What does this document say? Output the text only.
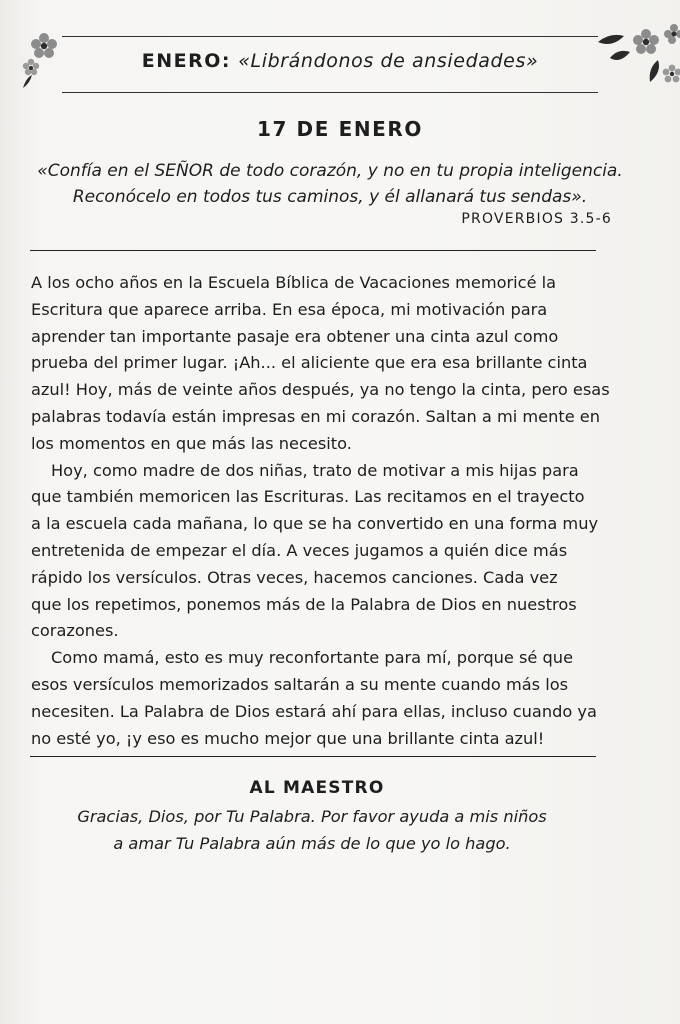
ENERO: «Librándonos de ansiedades»
17 DE ENERO
«Confía en el SEÑOR de todo corazón, y no en tu propia inteligencia.
Reconócelo en todos tus caminos, y él allanará tus sendas».
PROVERBIOS 3.5-6

A los ocho años en la Escuela Bíblica de Vacaciones memoricé la
Escritura que aparece arriba. En esa época, mi motivación para
aprender tan importante pasaje era obtener una cinta azul como
prueba del primer lugar. ¡Ah... el aliciente que era esa brillante cinta
azul! Hoy, más de veinte años después, ya no tengo la cinta, pero esas
palabras todavía están impresas en mi corazón. Saltan a mi mente en
los momentos en que más las necesito.

Hoy, como madre de dos niñas, trato de motivar a mis hijas para
que también memoricen las Escrituras. Las recitamos en el trayecto
a la escuela cada mañana, lo que se ha convertido en una forma muy
entretenida de empezar el día. A veces jugamos a quién dice más
rápido los versículos. Otras veces, hacemos canciones. Cada vez
que los repetimos, ponemos más de la Palabra de Dios en nuestros
corazones.

Como mamá, esto es muy reconfortante para mí, porque sé que
esos versículos memorizados saltarán a su mente cuando más los
necesiten. La Palabra de Dios estará ahí para ellas, incluso cuando ya
no esté yo, ¡y eso es mucho mejor que una brillante cinta azul!

AL MAESTRO
Gracias, Dios, por Tu Palabra. Por favor ayuda a mis niños
a amar Tu Palabra aún más de lo que yo lo hago.
